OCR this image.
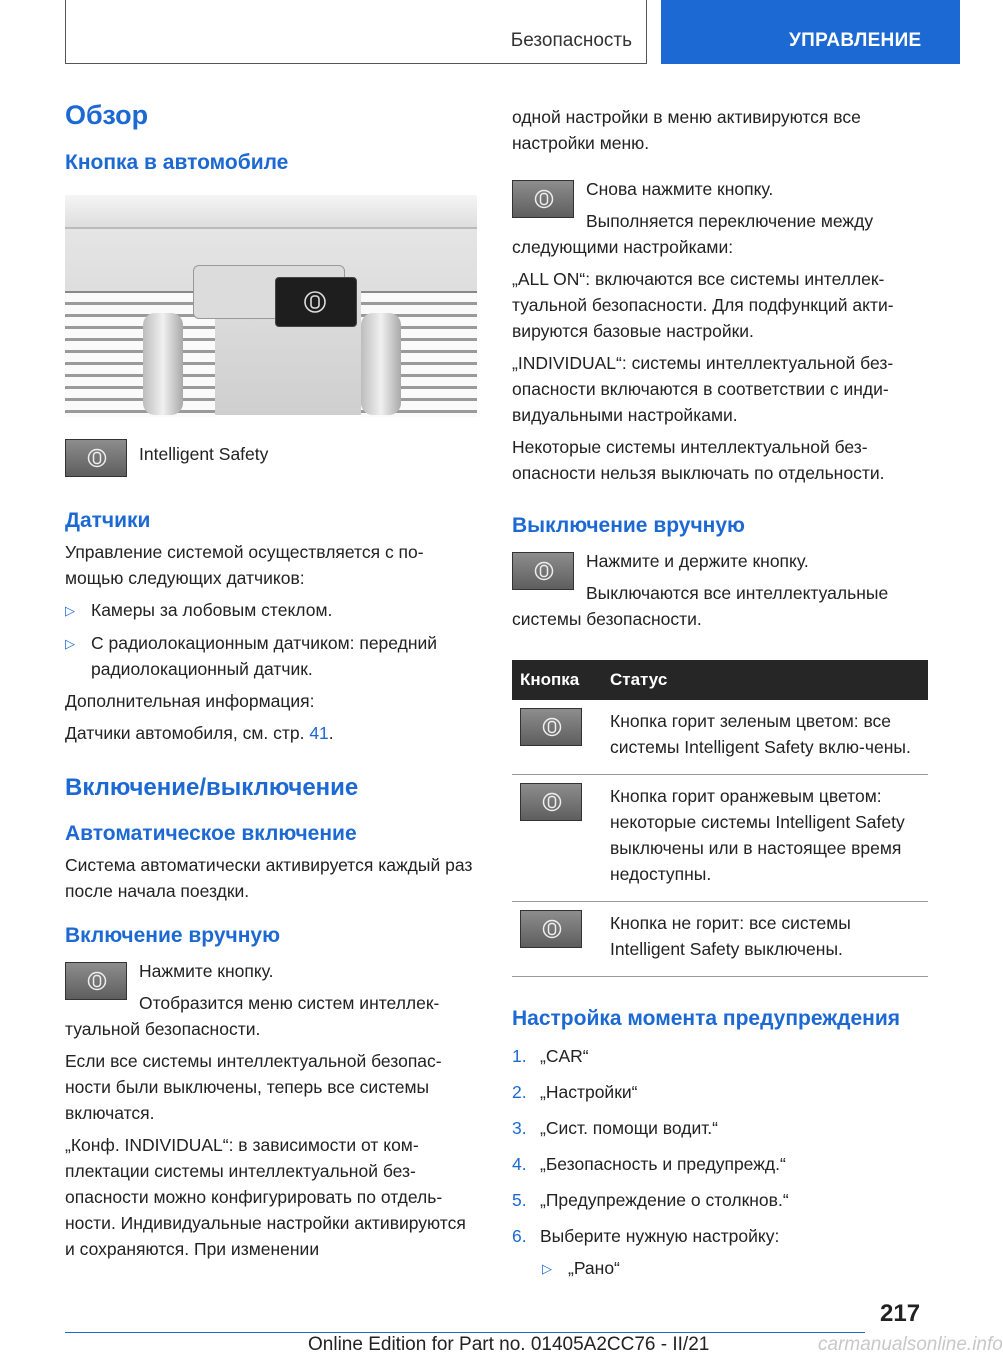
Безопасность	УПРАВЛЕНИЕ
Обзор
Кнопка в автомобиле

Intelligent Safety

Датчики

Управление системой осуществляется с по-мощью следующих датчиков:

▷ Камеры за лобовым стеклом.
▷ С радиолокационным датчиком: передний радиолокационный датчик.

Дополнительная информация:

Датчики автомобиля, см. стр. 41.

Включение/выключение
Автоматическое включение

Система автоматически активируется каждый раз после начала поездки.

Включение вручную

Нажмите кнопку.

Отобразится меню систем интеллек-туальной безопасности.

Если все системы интеллектуальной безопас-ности были выключены, теперь все системы включатся.

„Конф. INDIVIDUAL“: в зависимости от ком-плектации системы интеллектуальной без-опасности можно конфигурировать по отдель-ности. Индивидуальные настройки активируются и сохраняются. При изменении

одной настройки в меню активируются все настройки меню.

Снова нажмите кнопку.

Выполняется переключение между следующими настройками:

„ALL ON“: включаются все системы интеллек-туальной безопасности. Для подфункций акти-вируются базовые настройки.

„INDIVIDUAL“: системы интеллектуальной без-опасности включаются в соответствии с инди-видуальными настройками.

Некоторые системы интеллектуальной без-опасности нельзя выключать по отдельности.

Выключение вручную

Нажмите и держите кнопку.

Выключаются все интеллектуальные системы безопасности.

Кнопка	Статус

Кнопка горит зеленым цветом: все системы Intelligent Safety вклю-чены.

Кнопка горит оранжевым цветом: некоторые системы Intelligent Safety выключены или в настоящее время недоступны.

Кнопка не горит: все системы Intelligent Safety выключены.

Настройка момента предупреждения
1. „CAR“
2. „Настройки“
3. „Сист. помощи водит.“
4. „Безопасность и предупрежд.“
5. „Предупреждение о столкнов.“
6. Выберите нужную настройку:
▷ „Рано“
217
Online Edition for Part no. 01405A2CC76 - II/21	carmanualsonline.info
